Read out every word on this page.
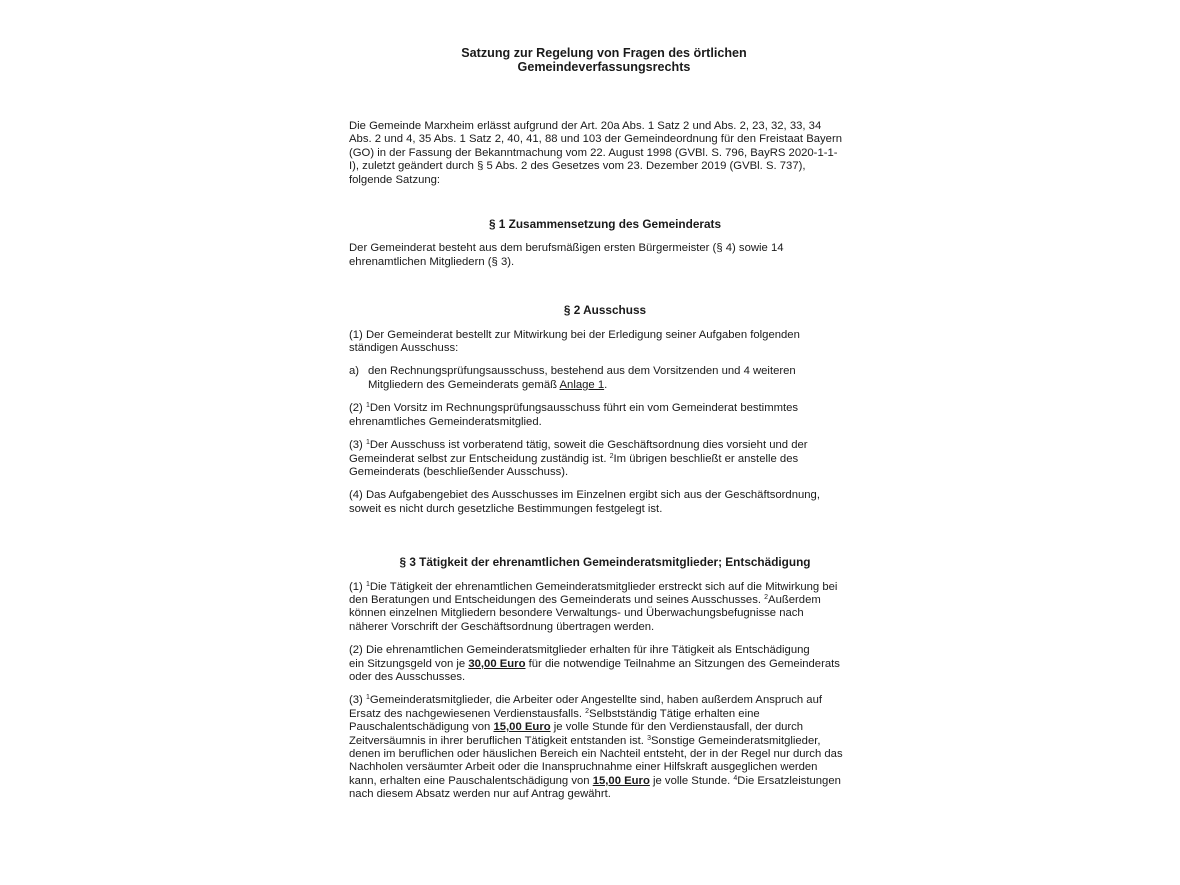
Satzung zur Regelung von Fragen des örtlichen
Gemeindeverfassungsrechts

Die Gemeinde Marxheim erlässt aufgrund der Art. 20a Abs. 1 Satz 2 und Abs. 2, 23, 32, 33, 34
Abs. 2 und 4, 35 Abs. 1 Satz 2, 40, 41, 88 und 103 der Gemeindeordnung für den Freistaat Bayern
(GO) in der Fassung der Bekanntmachung vom 22. August 1998 (GVBl. S. 796, BayRS 2020-1-1-
I), zuletzt geändert durch § 5 Abs. 2 des Gesetzes vom 23. Dezember 2019 (GVBl. S. 737),
folgende Satzung:

§ 1 Zusammensetzung des Gemeinderats

Der Gemeinderat besteht aus dem berufsmäßigen ersten Bürgermeister (§ 4) sowie 14
ehrenamtlichen Mitgliedern (§ 3).

§ 2 Ausschuss

(1) Der Gemeinderat bestellt zur Mitwirkung bei der Erledigung seiner Aufgaben folgenden
ständigen Ausschuss:

a) den Rechnungsprüfungsausschuss, bestehend aus dem Vorsitzenden und 4 weiteren
Mitgliedern des Gemeinderats gemäß Anlage 1.

(2) $^1$Den Vorsitz im Rechnungsprüfungsausschuss führt ein vom Gemeinderat bestimmtes
ehrenamtliches Gemeinderatsmitglied.

(3) $^1$Der Ausschuss ist vorberatend tätig, soweit die Geschäftsordnung dies vorsieht und der
Gemeinderat selbst zur Entscheidung zuständig ist. $^2$Im übrigen beschließt er anstelle des
Gemeinderats (beschließender Ausschuss).

(4) Das Aufgabengebiet des Ausschusses im Einzelnen ergibt sich aus der Geschäftsordnung,
soweit es nicht durch gesetzliche Bestimmungen festgelegt ist.

§ 3 Tätigkeit der ehrenamtlichen Gemeinderatsmitglieder; Entschädigung

(1) $^1$Die Tätigkeit der ehrenamtlichen Gemeinderatsmitglieder erstreckt sich auf die Mitwirkung bei
den Beratungen und Entscheidungen des Gemeinderats und seines Ausschusses. $^2$Außerdem
können einzelnen Mitgliedern besondere Verwaltungs- und Überwachungsbefugnisse nach
näherer Vorschrift der Geschäftsordnung übertragen werden.

(2) Die ehrenamtlichen Gemeinderatsmitglieder erhalten für ihre Tätigkeit als Entschädigung
ein Sitzungsgeld von je 30,00 Euro für die notwendige Teilnahme an Sitzungen des Gemeinderats
oder des Ausschusses.

(3) $^1$Gemeinderatsmitglieder, die Arbeiter oder Angestellte sind, haben außerdem Anspruch auf
Ersatz des nachgewiesenen Verdienstausfalls. $^2$Selbstständig Tätige erhalten eine
Pauschalentschädigung von 15,00 Euro je volle Stunde für den Verdienstausfall, der durch
Zeitversäumnis in ihrer beruflichen Tätigkeit entstanden ist. $^3$Sonstige Gemeinderatsmitglieder,
denen im beruflichen oder häuslichen Bereich ein Nachteil entsteht, der in der Regel nur durch das
Nachholen versäumter Arbeit oder die Inanspruchnahme einer Hilfskraft ausgeglichen werden
kann, erhalten eine Pauschalentschädigung von 15,00 Euro je volle Stunde. $^4$Die Ersatzleistungen
nach diesem Absatz werden nur auf Antrag gewährt.
